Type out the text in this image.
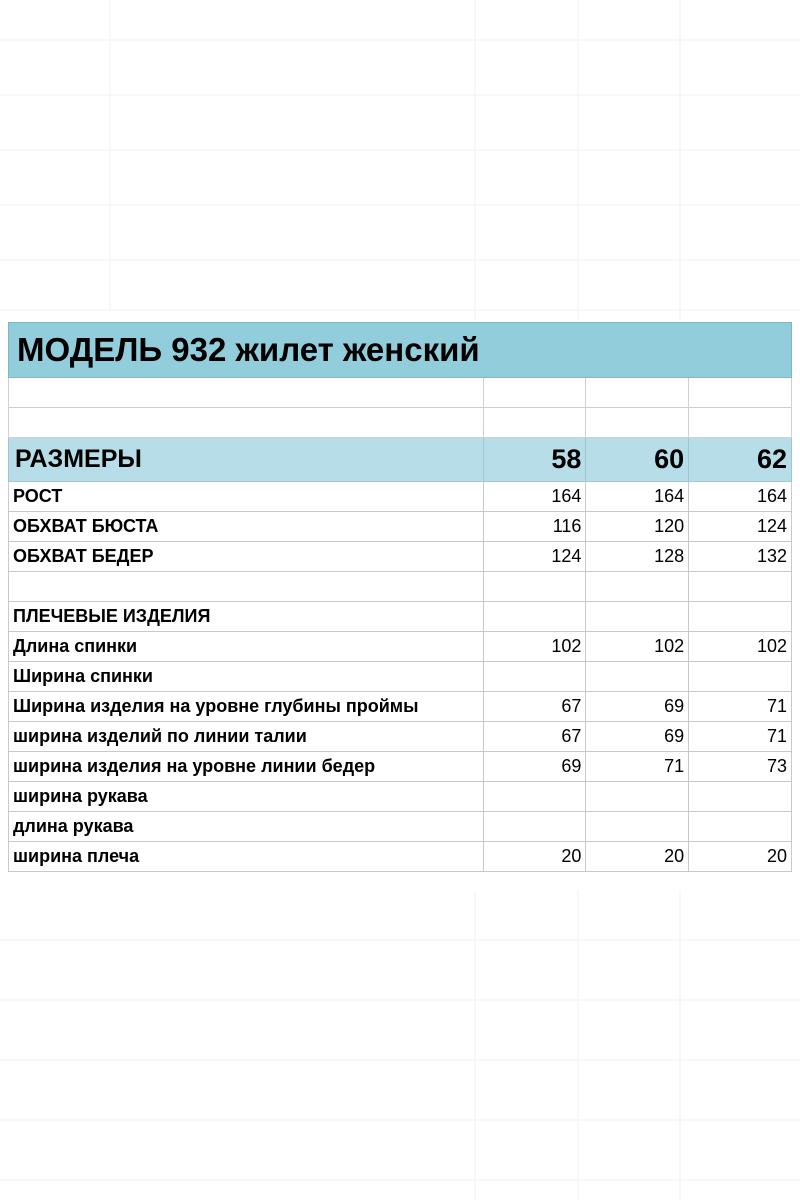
МОДЕЛЬ 932 жилет женский			

РАЗМЕРЫ	58	60	62
РОСТ	164	164	164
ОБХВАТ БЮСТА	116	120	124
ОБХВАТ БЕДЕР	124	128	132

ПЛЕЧЕВЫЕ ИЗДЕЛИЯ			
Длина спинки	102	102	102
Ширина спинки			
Ширина изделия на уровне глубины проймы	67	69	71
ширина изделий по линии талии	67	69	71
ширина изделия на уровне линии бедер	69	71	73
ширина рукава			
длина рукава			
ширина плеча	20	20	20
